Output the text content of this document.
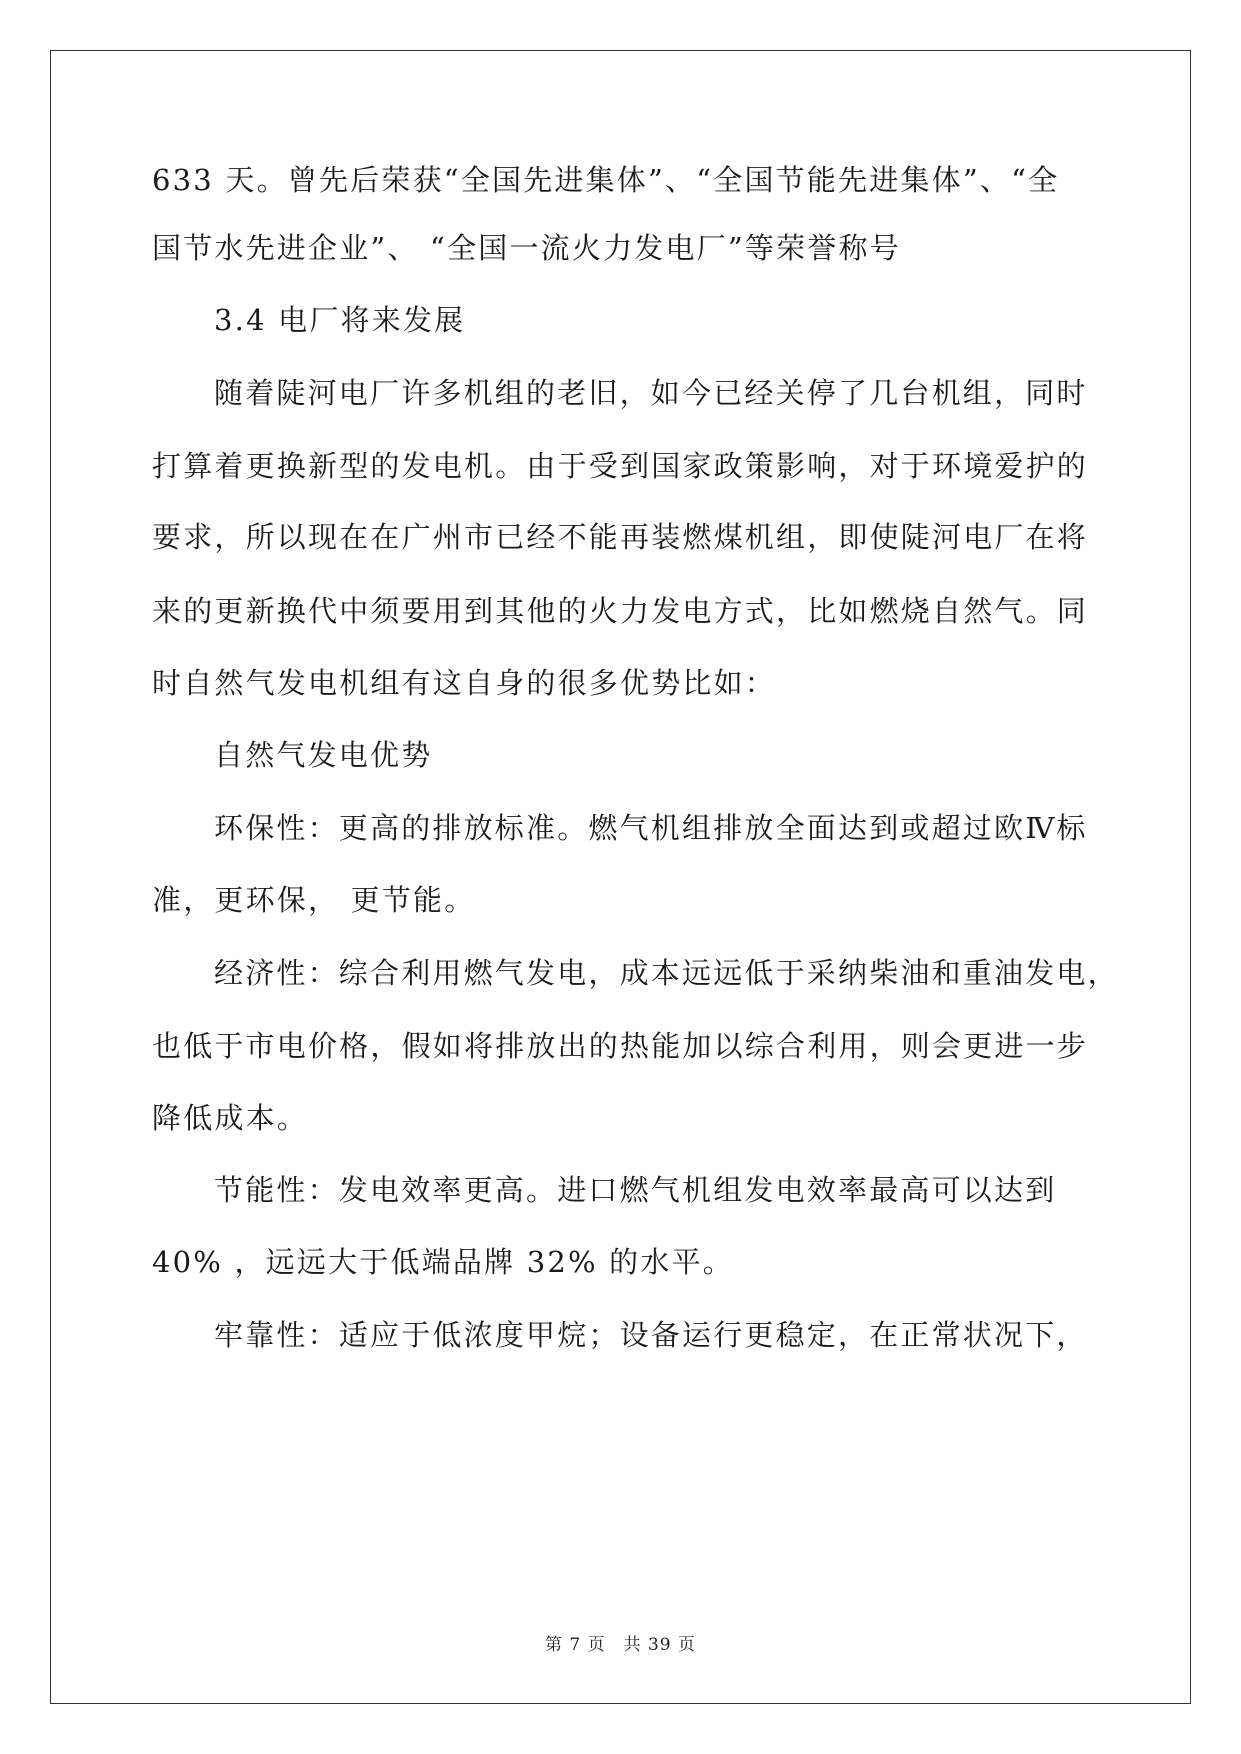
633 天。曾先后荣获“全国先进集体”、“全国节能先进集体”、“全
国节水先进企业”、 “全国一流火力发电厂”等荣誉称号
3.4 电厂将来发展
随着陡河电厂许多机组的老旧，如今已经关停了几台机组，同时
打算着更换新型的发电机。由于受到国家政策影响，对于环境爱护的
要求，所以现在在广州市已经不能再装燃煤机组，即使陡河电厂在将
来的更新换代中须要用到其他的火力发电方式，比如燃烧自然气。同
时自然气发电机组有这自身的很多优势比如：
自然气发电优势
环保性：更高的排放标准。燃气机组排放全面达到或超过欧Ⅳ标
准，更环保， 更节能。
经济性：综合利用燃气发电，成本远远低于采纳柴油和重油发电，
也低于市电价格，假如将排放出的热能加以综合利用，则会更进一步
降低成本。
节能性：发电效率更高。进口燃气机组发电效率最高可以达到
40% ，远远大于低端品牌 32% 的水平。
牢靠性：适应于低浓度甲烷；设备运行更稳定，在正常状况下，
第 7 页　共 39 页
